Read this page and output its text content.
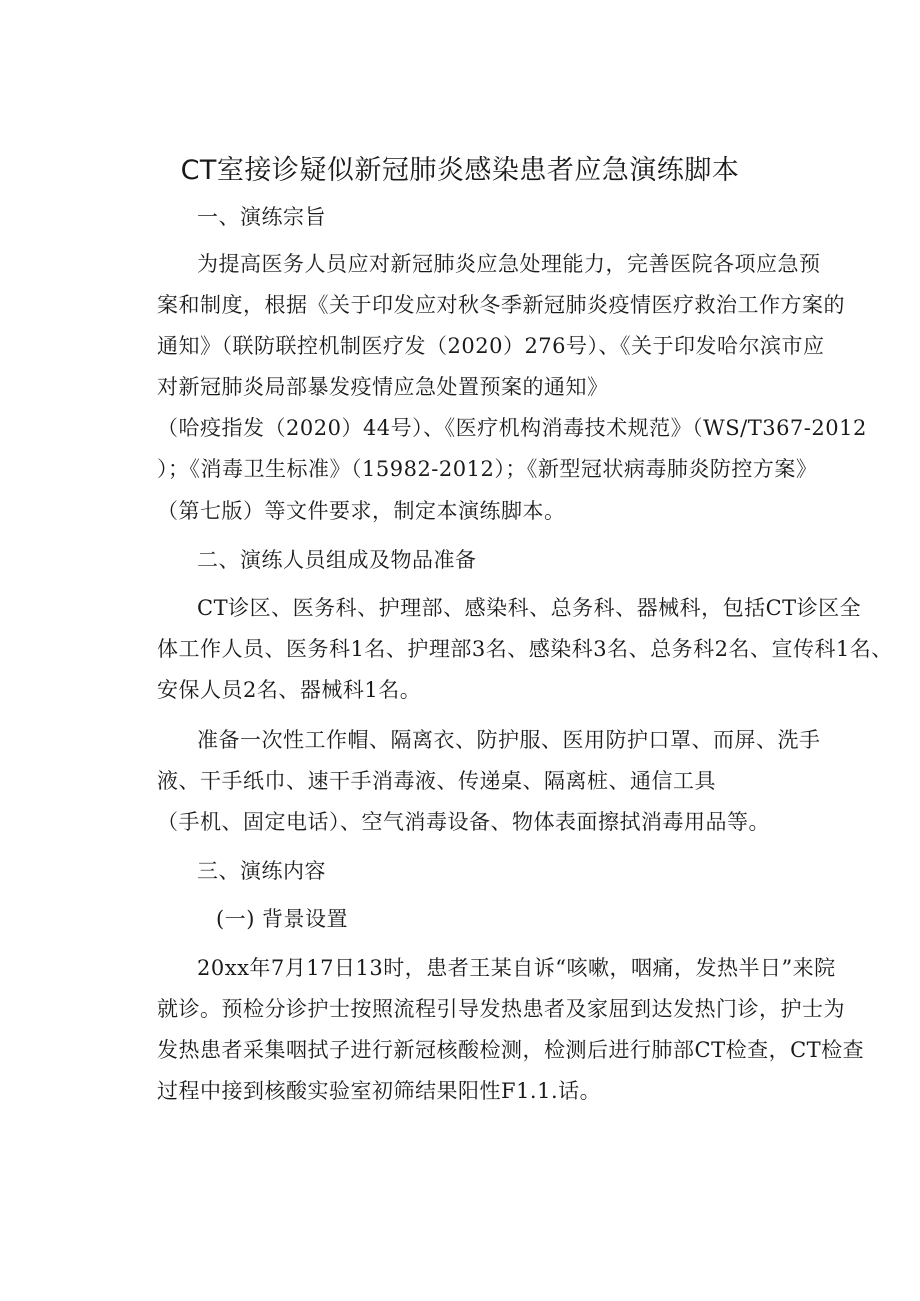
CT室接诊疑似新冠肺炎感染患者应急演练脚本
一、演练宗旨
为提高医务人员应对新冠肺炎应急处理能力，完善医院各项应急预
案和制度，根据《关于印发应对秋冬季新冠肺炎疫情医疗救治工作方案的
通知》（联防联控机制医疗发（2020）276号）、《关于印发哈尔滨市应
对新冠肺炎局部暴发疫情应急处置预案的通知》
（哈疫指发（2020）44号）、《医疗机构消毒技术规范》（WS/T367-2012
）；《消毒卫生标准》（15982-2012）；《新型冠状病毒肺炎防控方案》
（第七版）等文件要求，制定本演练脚本。
二、演练人员组成及物品准备
CT诊区、医务科、护理部、感染科、总务科、器械科，包括CT诊区全
体工作人员、医务科1名、护理部3名、感染科3名、总务科2名、宣传科1名、
安保人员2名、器械科1名。
准备一次性工作帽、隔离衣、防护服、医用防护口罩、而屏、洗手
液、干手纸巾、速干手消毒液、传递桌、隔离桩、通信工具
（手机、固定电话）、空气消毒设备、物体表面擦拭消毒用品等。
三、演练内容
(一) 背景设置
20xx年7月17日13时，患者王某自诉“咳嗽，咽痛，发热半日”来院
就诊。预检分诊护士按照流程引导发热患者及家屈到达发热门诊，护士为
发热患者采集咽拭子进行新冠核酸检测，检测后进行肺部CT检查，CT检查
过程中接到核酸实验室初筛结果阳性F1.1.话。
